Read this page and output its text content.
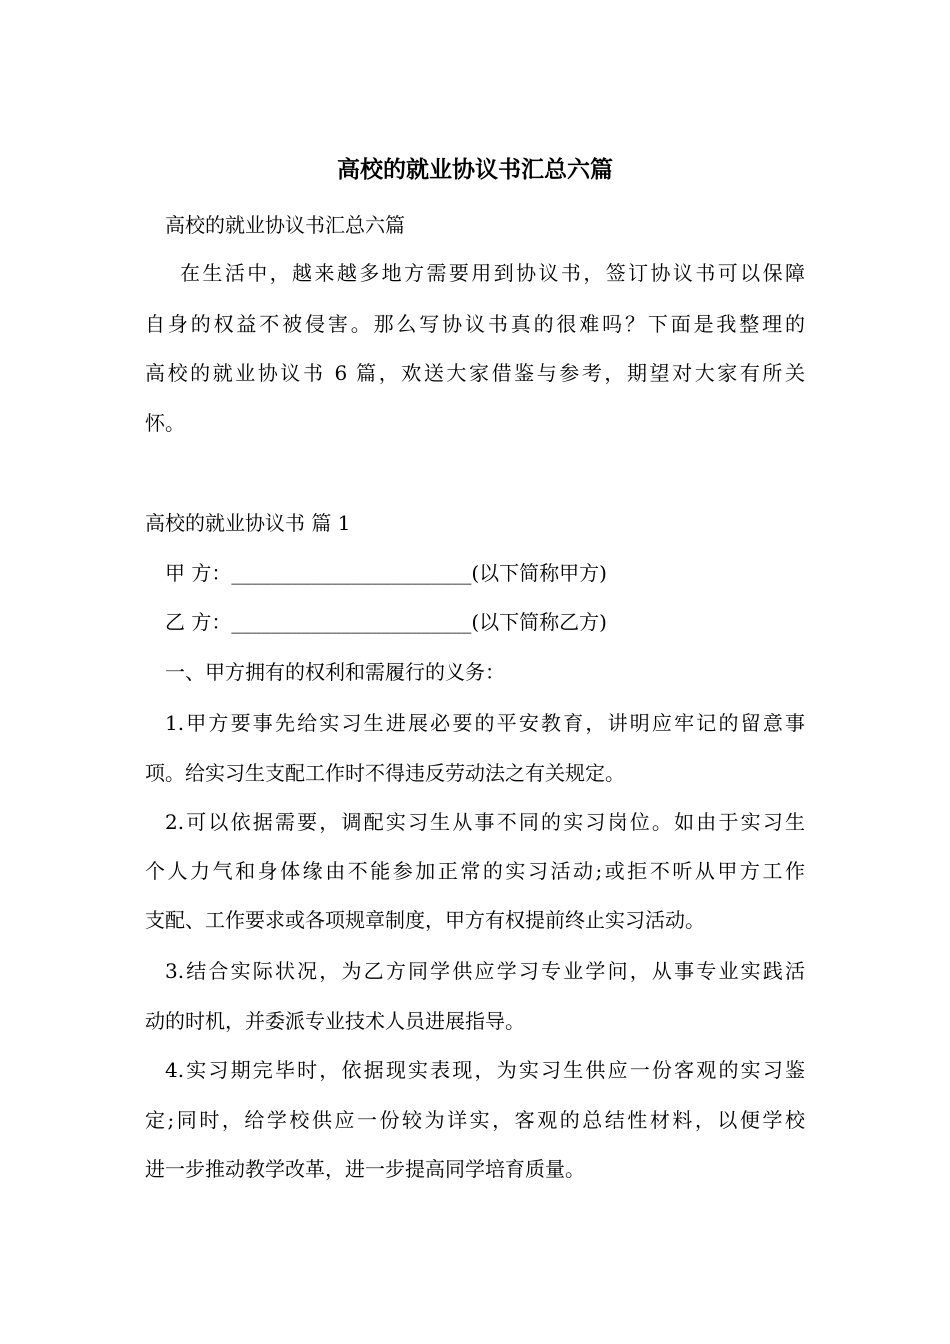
高校的就业协议书汇总六篇

高校的就业协议书汇总六篇

在生活中，越来越多地方需要用到协议书，签订协议书可以保障

自身的权益不被侵害。那么写协议书真的很难吗？下面是我整理的

高校的就业协议书 6 篇，欢送大家借鉴与参考，期望对大家有所关

怀。

高校的就业协议书 篇 1

甲 方：________________________(以下简称甲方)

乙 方：________________________(以下简称乙方)

一、甲方拥有的权利和需履行的义务：

1.甲方要事先给实习生进展必要的平安教育，讲明应牢记的留意事

项。给实习生支配工作时不得违反劳动法之有关规定。

2.可以依据需要，调配实习生从事不同的实习岗位。如由于实习生

个人力气和身体缘由不能参加正常的实习活动;或拒不听从甲方工作

支配、工作要求或各项规章制度，甲方有权提前终止实习活动。

3.结合实际状况，为乙方同学供应学习专业学问，从事专业实践活

动的时机，并委派专业技术人员进展指导。

4.实习期完毕时，依据现实表现，为实习生供应一份客观的实习鉴

定;同时，给学校供应一份较为详实，客观的总结性材料，以便学校

进一步推动教学改革，进一步提高同学培育质量。
